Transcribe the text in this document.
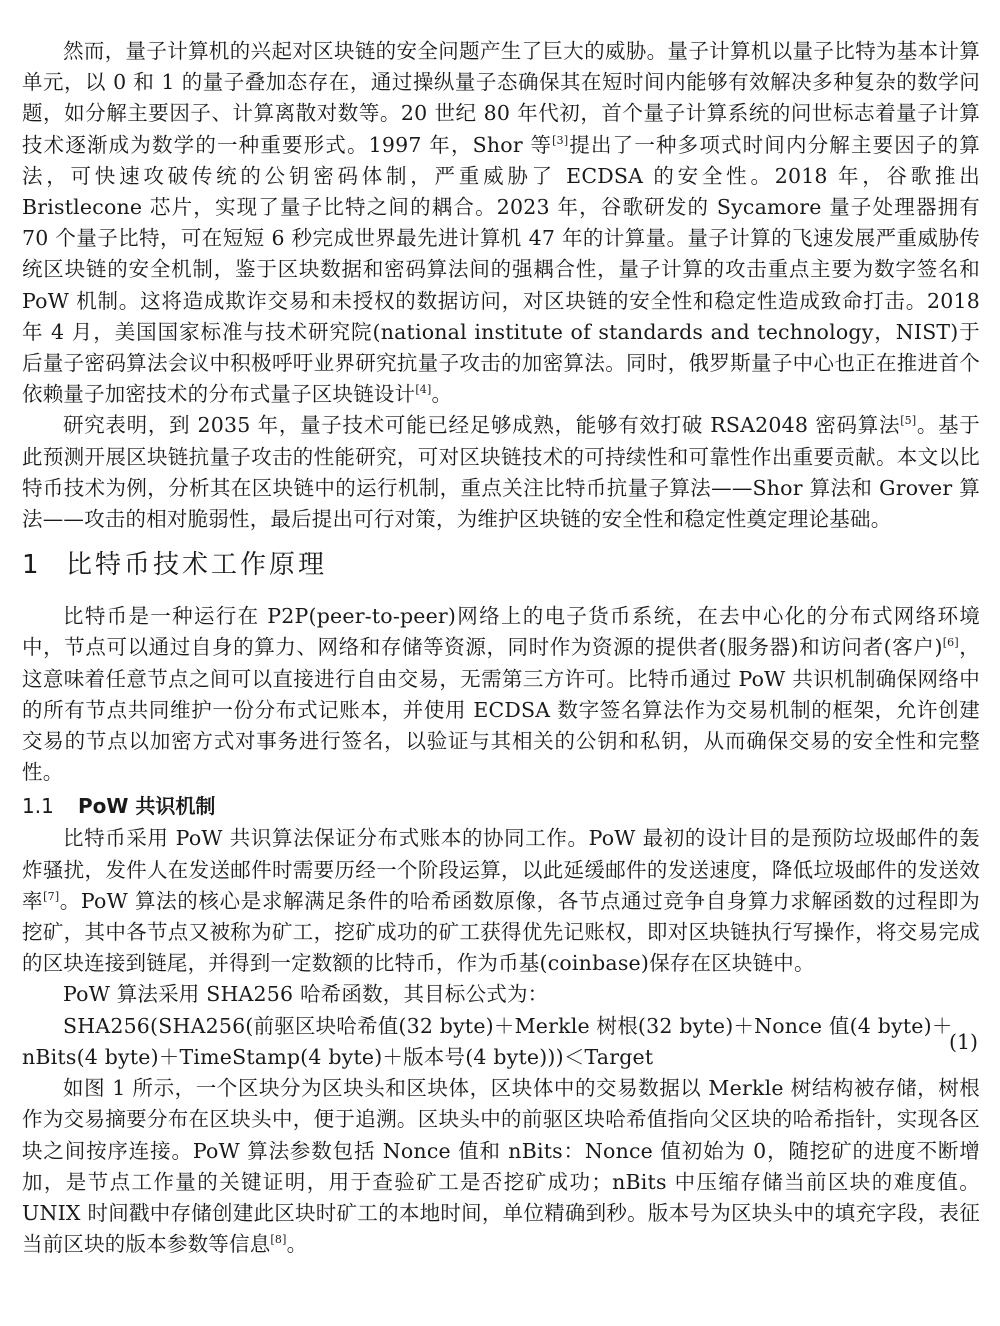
然而，量子计算机的兴起对区块链的安全问题产生了巨大的威胁。量子计算机以量子比特为基本计算单元，以 0 和 1 的量子叠加态存在，通过操纵量子态确保其在短时间内能够有效解决多种复杂的数学问题，如分解主要因子、计算离散对数等。20 世纪 80 年代初，首个量子计算系统的问世标志着量子计算技术逐渐成为数学的一种重要形式。1997 年，Shor 等[3]提出了一种多项式时间内分解主要因子的算法，可快速攻破传统的公钥密码体制，严重威胁了 ECDSA 的安全性。2018 年，谷歌推出 Bristlecone 芯片，实现了量子比特之间的耦合。2023 年，谷歌研发的 Sycamore 量子处理器拥有 70 个量子比特，可在短短 6 秒完成世界最先进计算机 47 年的计算量。量子计算的飞速发展严重威胁传统区块链的安全机制，鉴于区块数据和密码算法间的强耦合性，量子计算的攻击重点主要为数字签名和 PoW 机制。这将造成欺诈交易和未授权的数据访问，对区块链的安全性和稳定性造成致命打击。2018 年 4 月，美国国家标准与技术研究院(national institute of standards and technology，NIST)于后量子密码算法会议中积极呼吁业界研究抗量子攻击的加密算法。同时，俄罗斯量子中心也正在推进首个依赖量子加密技术的分布式量子区块链设计[4]。

研究表明，到 2035 年，量子技术可能已经足够成熟，能够有效打破 RSA2048 密码算法[5]。基于此预测开展区块链抗量子攻击的性能研究，可对区块链技术的可持续性和可靠性作出重要贡献。本文以比特币技术为例，分析其在区块链中的运行机制，重点关注比特币抗量子算法——Shor 算法和 Grover 算法——攻击的相对脆弱性，最后提出可行对策，为维护区块链的安全性和稳定性奠定理论基础。

1 比特币技术工作原理

比特币是一种运行在 P2P(peer-to-peer)网络上的电子货币系统，在去中心化的分布式网络环境中，节点可以通过自身的算力、网络和存储等资源，同时作为资源的提供者(服务器)和访问者(客户)[6]，这意味着任意节点之间可以直接进行自由交易，无需第三方许可。比特币通过 PoW 共识机制确保网络中的所有节点共同维护一份分布式记账本，并使用 ECDSA 数字签名算法作为交易机制的框架，允许创建交易的节点以加密方式对事务进行签名，以验证与其相关的公钥和私钥，从而确保交易的安全性和完整性。

1.1 PoW 共识机制

比特币采用 PoW 共识算法保证分布式账本的协同工作。PoW 最初的设计目的是预防垃圾邮件的轰炸骚扰，发件人在发送邮件时需要历经一个阶段运算，以此延缓邮件的发送速度，降低垃圾邮件的发送效率[7]。PoW 算法的核心是求解满足条件的哈希函数原像，各节点通过竞争自身算力求解函数的过程即为挖矿，其中各节点又被称为矿工，挖矿成功的矿工获得优先记账权，即对区块链执行写操作，将交易完成的区块连接到链尾，并得到一定数额的比特币，作为币基(coinbase)保存在区块链中。

PoW 算法采用 SHA256 哈希函数，其目标公式为：

SHA256(SHA256(前驱区块哈希值(32 byte)＋Merkle 树根(32 byte)＋Nonce 值(4 byte)＋
nBits(4 byte)＋TimeStamp(4 byte)＋版本号(4 byte)))＜Target
(1)

如图 1 所示，一个区块分为区块头和区块体，区块体中的交易数据以 Merkle 树结构被存储，树根作为交易摘要分布在区块头中，便于追溯。区块头中的前驱区块哈希值指向父区块的哈希指针，实现各区块之间按序连接。PoW 算法参数包括 Nonce 值和 nBits：Nonce 值初始为 0，随挖矿的进度不断增加，是节点工作量的关键证明，用于查验矿工是否挖矿成功；nBits 中压缩存储当前区块的难度值。UNIX 时间戳中存储创建此区块时矿工的本地时间，单位精确到秒。版本号为区块头中的填充字段，表征当前区块的版本参数等信息[8]。
